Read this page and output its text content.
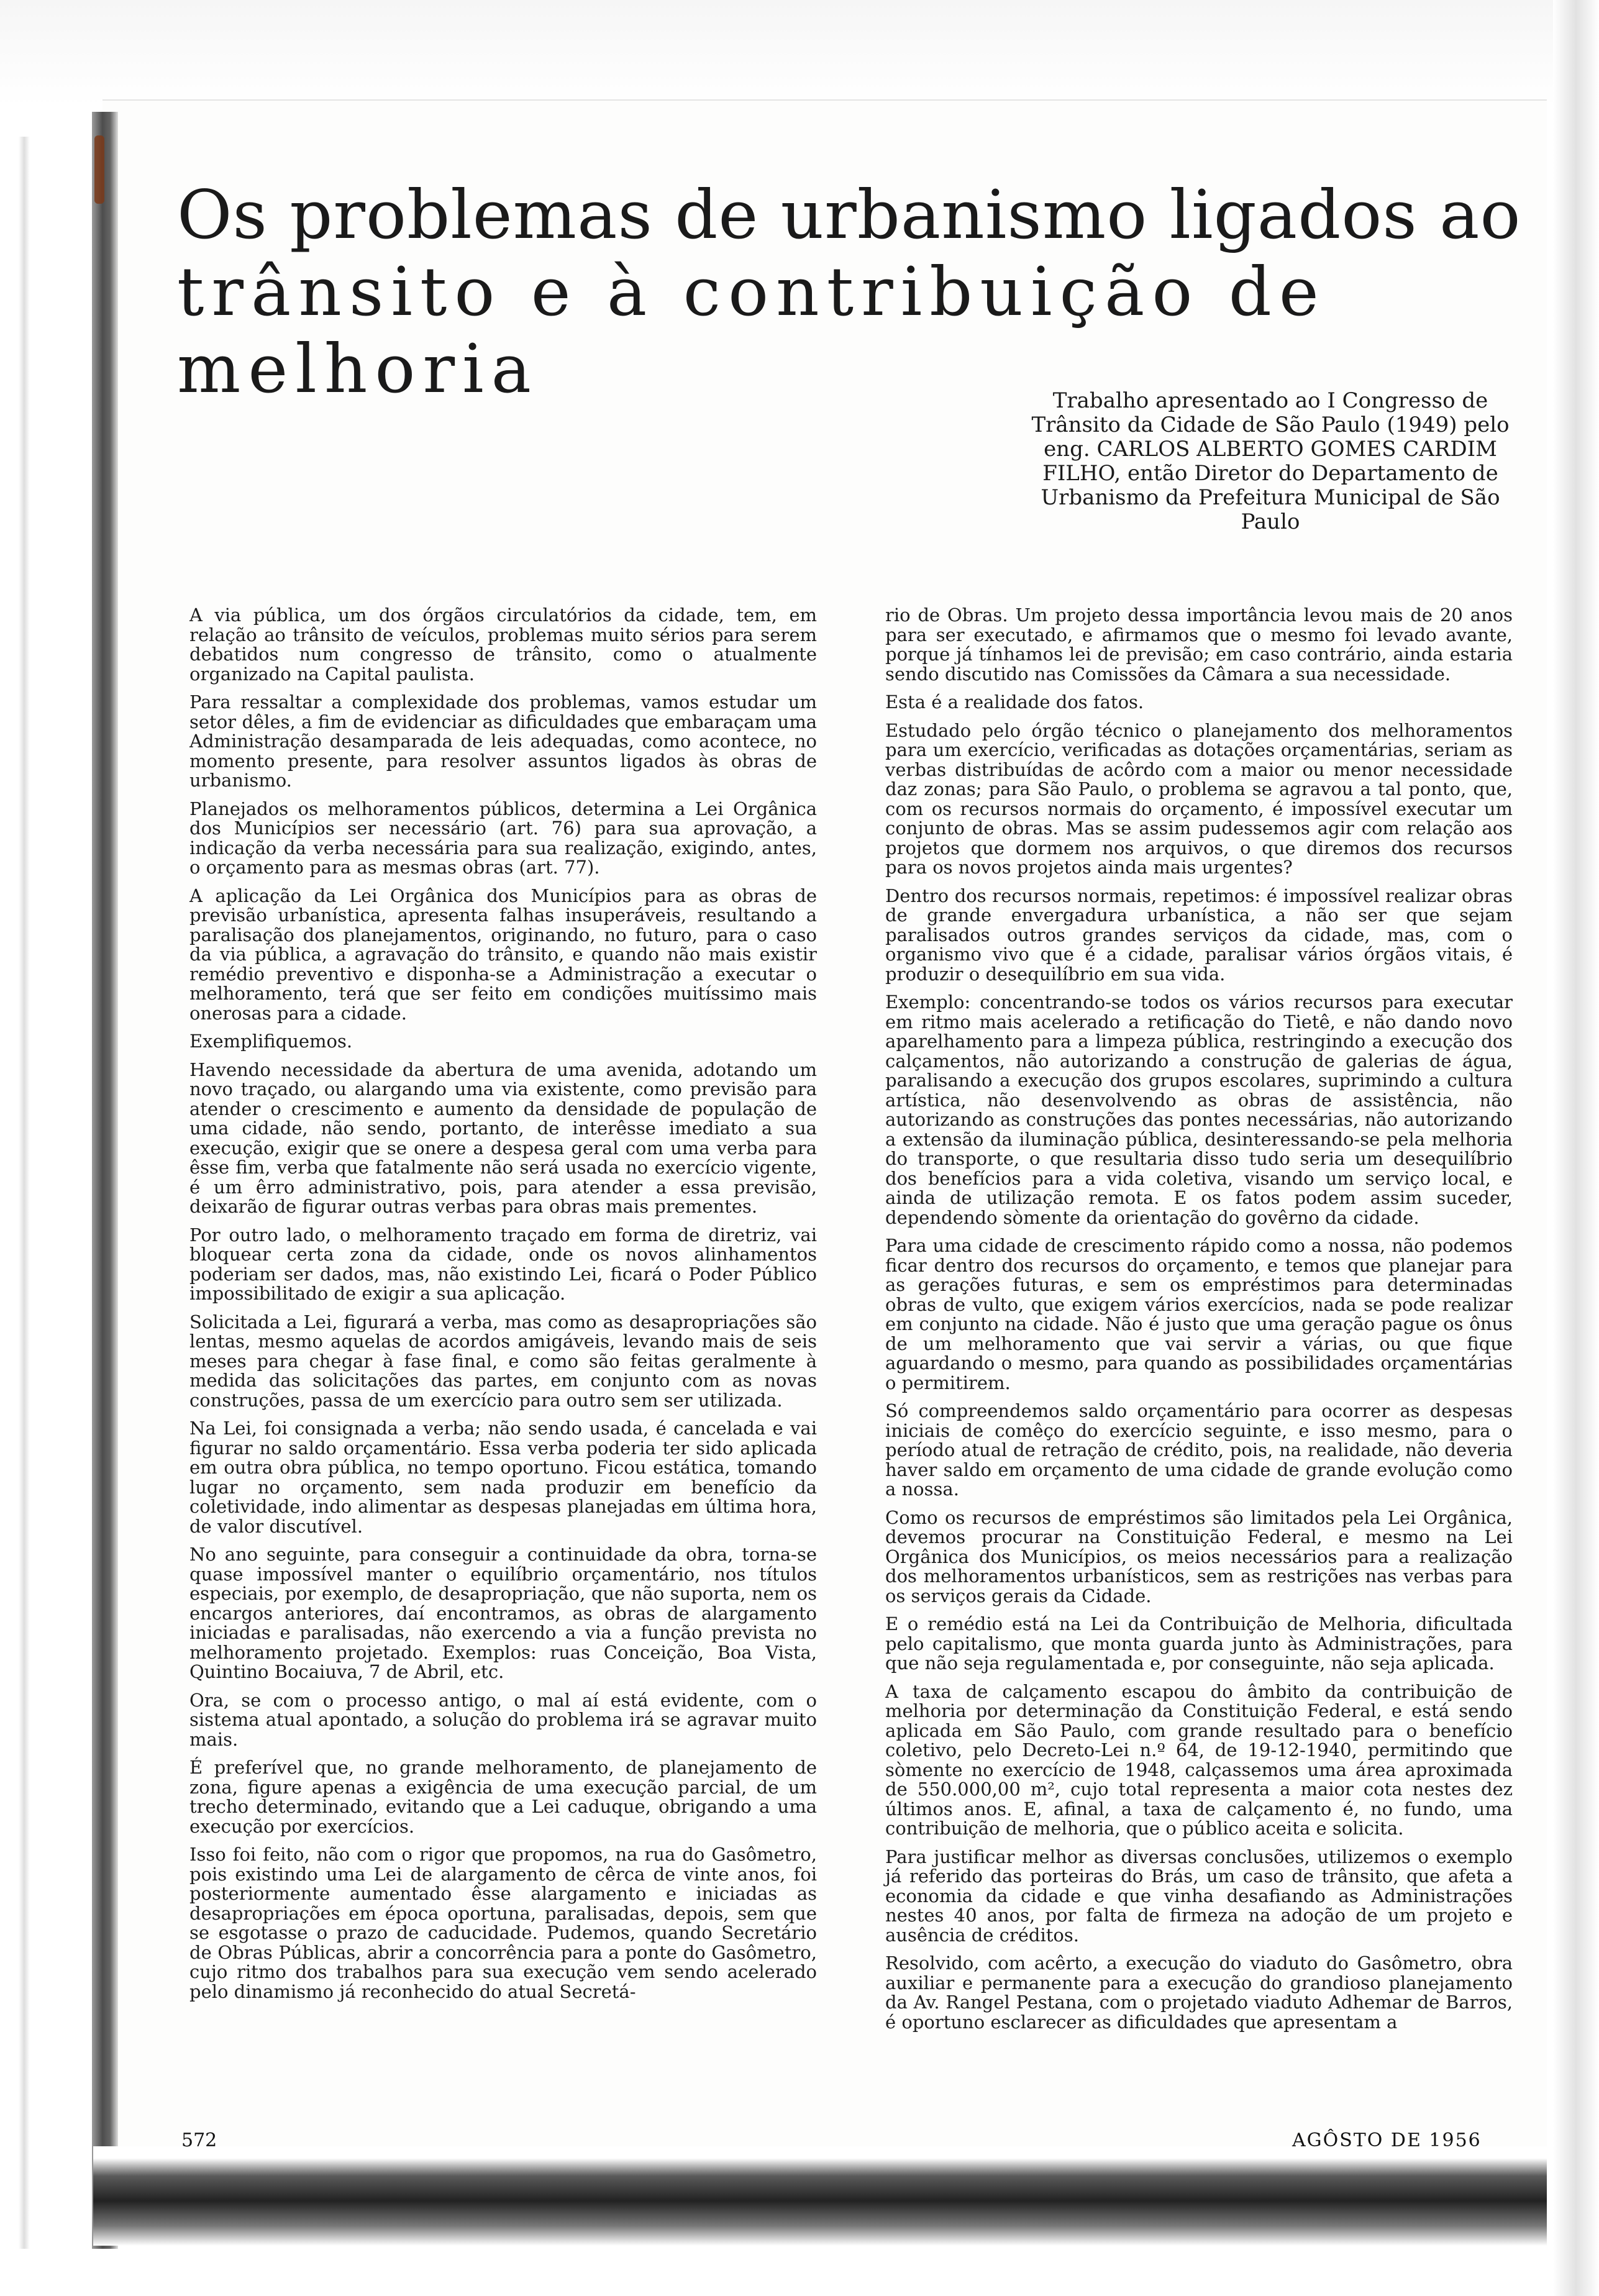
Os problemas de urbanismo ligados ao
trânsito e à contribuição de melhoria	Trabalho apresentado ao I Congresso de Trânsito da Cidade de São Paulo (1949) pelo eng. CARLOS ALBERTO GOMES CARDIM FILHO, então Diretor do Departamento de Urbanismo da Prefeitura Municipal de São Paulo

A via pública, um dos órgãos circulatórios da cidade, tem, em relação ao trânsito de veículos, problemas muito sérios para serem debatidos num congresso de trânsito, como o atualmente organizado na Capital paulista.

Para ressaltar a complexidade dos problemas, vamos estudar um setor dêles, a fim de evidenciar as dificuldades que embaraçam uma Administração desamparada de leis adequadas, como acontece, no momento presente, para resolver assuntos ligados às obras de urbanismo.

Planejados os melhoramentos públicos, determina a Lei Orgânica dos Municípios ser necessário (art. 76) para sua aprovação, a indicação da verba necessária para sua realização, exigindo, antes, o orçamento para as mesmas obras (art. 77).

A aplicação da Lei Orgânica dos Municípios para as obras de previsão urbanística, apresenta falhas insuperáveis, resultando a paralisação dos planejamentos, originando, no futuro, para o caso da via pública, a agravação do trânsito, e quando não mais existir remédio preventivo e disponha-se a Administração a executar o melhoramento, terá que ser feito em condições muitíssimo mais onerosas para a cidade.

Exemplifiquemos.

Havendo necessidade da abertura de uma avenida, adotando um novo traçado, ou alargando uma via existente, como previsão para atender o crescimento e aumento da densidade de população de uma cidade, não sendo, portanto, de interêsse imediato a sua execução, exigir que se onere a despesa geral com uma verba para êsse fim, verba que fatalmente não será usada no exercício vigente, é um êrro administrativo, pois, para atender a essa previsão, deixarão de figurar outras verbas para obras mais prementes.

Por outro lado, o melhoramento traçado em forma de diretriz, vai bloquear certa zona da cidade, onde os novos alinhamentos poderiam ser dados, mas, não existindo Lei, ficará o Poder Público impossibilitado de exigir a sua aplicação.

Solicitada a Lei, figurará a verba, mas como as desapropriações são lentas, mesmo aquelas de acordos amigáveis, levando mais de seis meses para chegar à fase final, e como são feitas geralmente à medida das solicitações das partes, em conjunto com as novas construções, passa de um exercício para outro sem ser utilizada.

Na Lei, foi consignada a verba; não sendo usada, é cancelada e vai figurar no saldo orçamentário. Essa verba poderia ter sido aplicada em outra obra pública, no tempo oportuno. Ficou estática, tomando lugar no orçamento, sem nada produzir em benefício da coletividade, indo alimentar as despesas planejadas em última hora, de valor discutível.

No ano seguinte, para conseguir a continuidade da obra, torna-se quase impossível manter o equilíbrio orçamentário, nos títulos especiais, por exemplo, de desapropriação, que não suporta, nem os encargos anteriores, daí encontramos, as obras de alargamento iniciadas e paralisadas, não exercendo a via a função prevista no melhoramento projetado. Exemplos: ruas Conceição, Boa Vista, Quintino Bocaiuva, 7 de Abril, etc.

Ora, se com o processo antigo, o mal aí está evidente, com o sistema atual apontado, a solução do problema irá se agravar muito mais.

É preferível que, no grande melhoramento, de planejamento de zona, figure apenas a exigência de uma execução parcial, de um trecho determinado, evitando que a Lei caduque, obrigando a uma execução por exercícios.

Isso foi feito, não com o rigor que propomos, na rua do Gasômetro, pois existindo uma Lei de alargamento de cêrca de vinte anos, foi posteriormente aumentado êsse alargamento e iniciadas as desapropriações em época oportuna, paralisadas, depois, sem que se esgotasse o prazo de caducidade. Pudemos, quando Secretário de Obras Públicas, abrir a concorrência para a ponte do Gasômetro, cujo ritmo dos trabalhos para sua execução vem sendo acelerado pelo dinamismo já reconhecido do atual Secretá-

rio de Obras. Um projeto dessa importância levou mais de 20 anos para ser executado, e afirmamos que o mesmo foi levado avante, porque já tínhamos lei de previsão; em caso contrário, ainda estaria sendo discutido nas Comissões da Câmara a sua necessidade.

Esta é a realidade dos fatos.

Estudado pelo órgão técnico o planejamento dos melhoramentos para um exercício, verificadas as dotações orçamentárias, seriam as verbas distribuídas de acôrdo com a maior ou menor necessidade daz zonas; para São Paulo, o problema se agravou a tal ponto, que, com os recursos normais do orçamento, é impossível executar um conjunto de obras. Mas se assim pudessemos agir com relação aos projetos que dormem nos arquivos, o que diremos dos recursos para os novos projetos ainda mais urgentes?

Dentro dos recursos normais, repetimos: é impossível realizar obras de grande envergadura urbanística, a não ser que sejam paralisados outros grandes serviços da cidade, mas, com o organismo vivo que é a cidade, paralisar vários órgãos vitais, é produzir o desequilíbrio em sua vida.

Exemplo: concentrando-se todos os vários recursos para executar em ritmo mais acelerado a retificação do Tietê, e não dando novo aparelhamento para a limpeza pública, restringindo a execução dos calçamentos, não autorizando a construção de galerias de água, paralisando a execução dos grupos escolares, suprimindo a cultura artística, não desenvolvendo as obras de assistência, não autorizando as construções das pontes necessárias, não autorizando a extensão da iluminação pública, desinteressando-se pela melhoria do transporte, o que resultaria disso tudo seria um desequilíbrio dos benefícios para a vida coletiva, visando um serviço local, e ainda de utilização remota. E os fatos podem assim suceder, dependendo sòmente da orientação do govêrno da cidade.

Para uma cidade de crescimento rápido como a nossa, não podemos ficar dentro dos recursos do orçamento, e temos que planejar para as gerações futuras, e sem os empréstimos para determinadas obras de vulto, que exigem vários exercícios, nada se pode realizar em conjunto na cidade. Não é justo que uma geração pague os ônus de um melhoramento que vai servir a várias, ou que fique aguardando o mesmo, para quando as possibilidades orçamentárias o permitirem.

Só compreendemos saldo orçamentário para ocorrer as despesas iniciais de comêço do exercício seguinte, e isso mesmo, para o período atual de retração de crédito, pois, na realidade, não deveria haver saldo em orçamento de uma cidade de grande evolução como a nossa.

Como os recursos de empréstimos são limitados pela Lei Orgânica, devemos procurar na Constituição Federal, e mesmo na Lei Orgânica dos Municípios, os meios necessários para a realização dos melhoramentos urbanísticos, sem as restrições nas verbas para os serviços gerais da Cidade.

E o remédio está na Lei da Contribuição de Melhoria, dificultada pelo capitalismo, que monta guarda junto às Administrações, para que não seja regulamentada e, por conseguinte, não seja aplicada.

A taxa de calçamento escapou do âmbito da contribuição de melhoria por determinação da Constituição Federal, e está sendo aplicada em São Paulo, com grande resultado para o benefício coletivo, pelo Decreto-Lei n.º 64, de 19-12-1940, permitindo que sòmente no exercício de 1948, calçassemos uma área aproximada de 550.000,00 m², cujo total representa a maior cota nestes dez últimos anos. E, afinal, a taxa de calçamento é, no fundo, uma contribuição de melhoria, que o público aceita e solicita.

Para justificar melhor as diversas conclusões, utilizemos o exemplo já referido das porteiras do Brás, um caso de trânsito, que afeta a economia da cidade e que vinha desafiando as Administrações nestes 40 anos, por falta de firmeza na adoção de um projeto e ausência de créditos.

Resolvido, com acêrto, a execução do viaduto do Gasômetro, obra auxiliar e permanente para a execução do grandioso planejamento da Av. Rangel Pestana, com o projetado viaduto Adhemar de Barros, é oportuno esclarecer as dificuldades que apresentam a

572	AGÔSTO DE 1956
